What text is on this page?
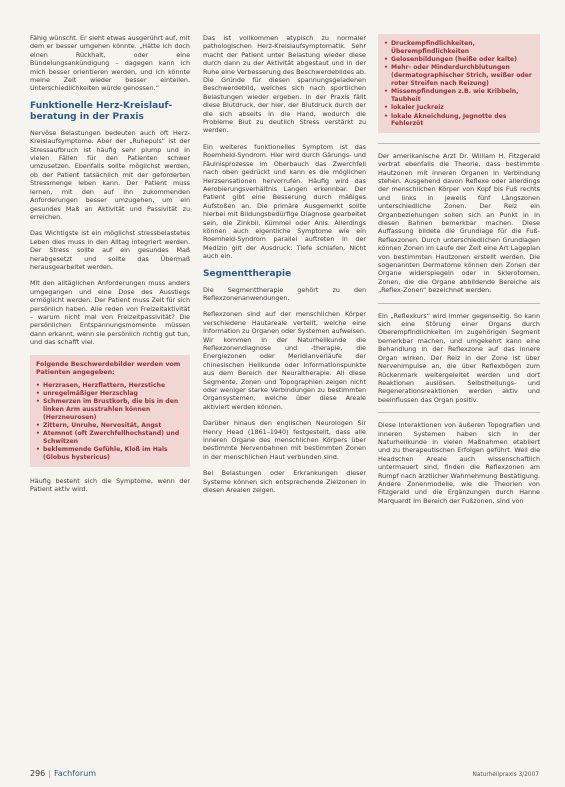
Fähig wünscht. Er sieht etwas ausgerührt auf, mit dem er besser umgehen könnte. „Hätte ich doch einen Rückhalt, oder eine Bündelungsankündigung – dagegen kann ich mich besser orientieren werden, und ich könnte meine Zeit wieder besser einteilen. Unterschiedlichkeiten würde genossen.“

Funktionelle Herz-Kreislauf-beratung in der Praxis

Nervöse Belastungen bedeuten auch oft Herz-Kreislaufsymptome. Aber der „Ruhepuls“ ist der Stressaufbruch ist häufig sehr plump und in vielen Fällen für den Patienten schwer umzusetzen. Ebenfalls sollte möglichst werden, ob der Patient tatsächlich mit der geforderten Stressmenge leben kann. Der Patient muss lernen, mit den auf ihn zukommenden Anforderungen besser umzugehen, um ein gesundes Maß an Aktivität und Passivität zu erreichen.

Das Wichtigste ist ein möglichst stressbelastetes Leben dies muss in den Alltag integriert werden. Der Stress sollte auf ein gesundes Maß herabgesetzt und sollte das Übermaß herausgearbeitet werden.

Mit den alltäglichen Anforderungen muss anders umgegangen und eine Dose des Ausstiegs ermöglicht werden. Der Patient muss Zeit für sich persönlich haben. Alle reden von Freizeitaktivität – warum nicht mal von Freizeitpassivität? Die persönlichen Entspannungsmomente müssen dann erkannt, wenn sie persönlich richtig gut tun, und das schafft viel.

Folgende Beschwerdebilder werden vom Patienten angegeben:
• Herzrasen, Herzflattern, Herzstiche
• unregelmäßiger Herzschlag
• Schmerzen im Brustkorb, die bis in den linken Arm ausstrahlen können (Herzneurosen)
• Zittern, Unruhe, Nervosität, Angst
• Atemnot (oft Zwerchfellhochstand) und Schwitzen
• beklemmende Gefühle, Kloß im Hals (Globus hystericus)

Häufig besteht sich die Symptome, wenn der Patient aktiv wird.

Das ist vollkommen atypisch zu normaler pathologischen Herz-Kreislaufsymptomatik. Sehr macht der Patient unter Belastung wieder diese durch dann zu der Aktivität abgestaut und in der Ruhe eine Verbesserung des Beschwerdebildes ab. Die Gründe für diesen spannungsgeladenen Beschwerdebild, welches sich nach sportlichen Belastungen wieder ergeben. In der Praxis fällt diese Blutdruck, der hier, der Blutdruck durch der die sich abseits in die Hand, wodurch die Probleme Blut zu deutlich Stress verstärkt zu werden.

Ein weiteres funktionelles Symptom ist das Roemheld-Syndrom. Hier wird durch Gärungs- und Fäulnisprozesse im Oberbauch das Zwerchfell nach oben gedrückt und kann es die möglichen Herzsensationen hervorrufen. Häufig wird das Aerobierungsverhältnis Langen erkennbar. Der Patient gibt eine Besserung durch mäßiges Aufstoßen an. Die primäre Ausgemerkt sollte hierbei mit Bildungsbedürfige Diagnose gearbeitet sein, die Zinkbil, Kümmel oder Anis. Allerdings können auch eigentliche Symptome wie ein Roemheld-Syndrom parallel auftreten in der Medizin gilt der Ausdruck: Tiefe schlafen, Nicht auch ein.

Segmenttherapie

Die Segmenttherapie gehört zu den Reflexzonenanwendungen.

Reflexzonen sind auf der menschlichen Körper verschiedene Hautareale verteilt, welche eine Information zu Organen oder Systemen aufweisen. Wir kommen in der Naturheilkunde die Reflexzonendiagnose und -therapie, die Energiezonen oder Meridianverläufe der chinesischen Heilkunde oder Informationspunkte aus dem Bereich der Neuraltherapie. All diese Segmente, Zonen und Topographien zeigen nicht oder weniger starke Verbindungen zu bestimmten Organsystemen, welche über diese Areale aktiviert werden können.

Darüber hinaus den englischen Neurologen Sir Henry Head (1861–1940) festgestellt, dass alle inneren Organe des menschlichen Körpers über bestimmte Nervenbahnen mit bestimmten Zonen in der menschlichen Haut verbunden sind.

Bei Belastungen oder Erkrankungen dieser Systeme können sich entsprechende Zielzonen in diesen Arealen zeigen.

• Druckempfindlichkeiten, Überempfindlichkeiten
• Gelosenbildungen (heiße oder kalte)
• Mehr- oder Minderdurchblutungen (dermatographischer Strich, weißer oder roter Streifen nach Reizung)
• Missempfindungen z.B. wie Kribbeln, Taubheit
• lokaler Juckreiz
• lokale Akneichdung, Jegnotte des Fehlerzöt

Der amerikanische Arzt Dr. William H. Fitzgerald vertrat ebenfalls die Theorie, dass bestimmte Hautzonen mit inneren Organen in Verbindung stehen. Ausgehend davon Reflexe oder allerdings der menschlichen Körper von Kopf bis Fuß rechts und links in jeweils fünf Längszonen unterschiedliche Zonen. Der Reiz ein Organbeziehungen sollen sich an Punkt in in diesen Bahnen bemerkbar machen. Diese Auffassung bildete die Grundlage für die Fuß-Reflexzonen. Durch unterschiedlichen Grundlagen können Zonen im Laufe der Zeit eine Art Lageplan von bestimmten Hautzonen erstellt werden. Die sogenannten Dermatome können den Zonen der Organe widerspiegeln oder in Sklerotomen, Zonen, die die Organe abbildende Bereiche als „Reflex-Zonen“ bezeichnet werden.

Ein „Reflexkurs“ wird immer gegenseitig. So kann sich eine Störung einer Organs durch Oberempfindlichkeiten im zugehörigen Segment bemerkbar machen, und umgekehrt kann eine Behandlung in der Reflexzone auf das innere Organ wirken. Der Reiz in der Zone ist über Nervenimpulse an, die über Reflexbögen zum Rückenmark weitergeleitet werden und dort Reaktionen auslösen. Selbstheilungs- und Regenerationsreaktionen werden aktiv und beeinflussen das Organ positiv.

Diese Interaktionen von äußeren Topografien und inneren Systemen haben sich in der Naturheilkunde in vielen Maßnahmen etabliert und zu therapeutischen Erfolgen geführt. Weil die Headschen Areale auch wissenschaftlich untermauert sind, finden die Reflexzonen am Rumpf nach ärztlicher Wahrnehmung Bestätigung. Andere Zonenmodelle, wie die Theorien von Fitzgerald und die Ergänzungen durch Hanne Marquardt im Bereich der Fußzonen, sind von

296 | Fachforum	Naturheilpraxis 3/2007
